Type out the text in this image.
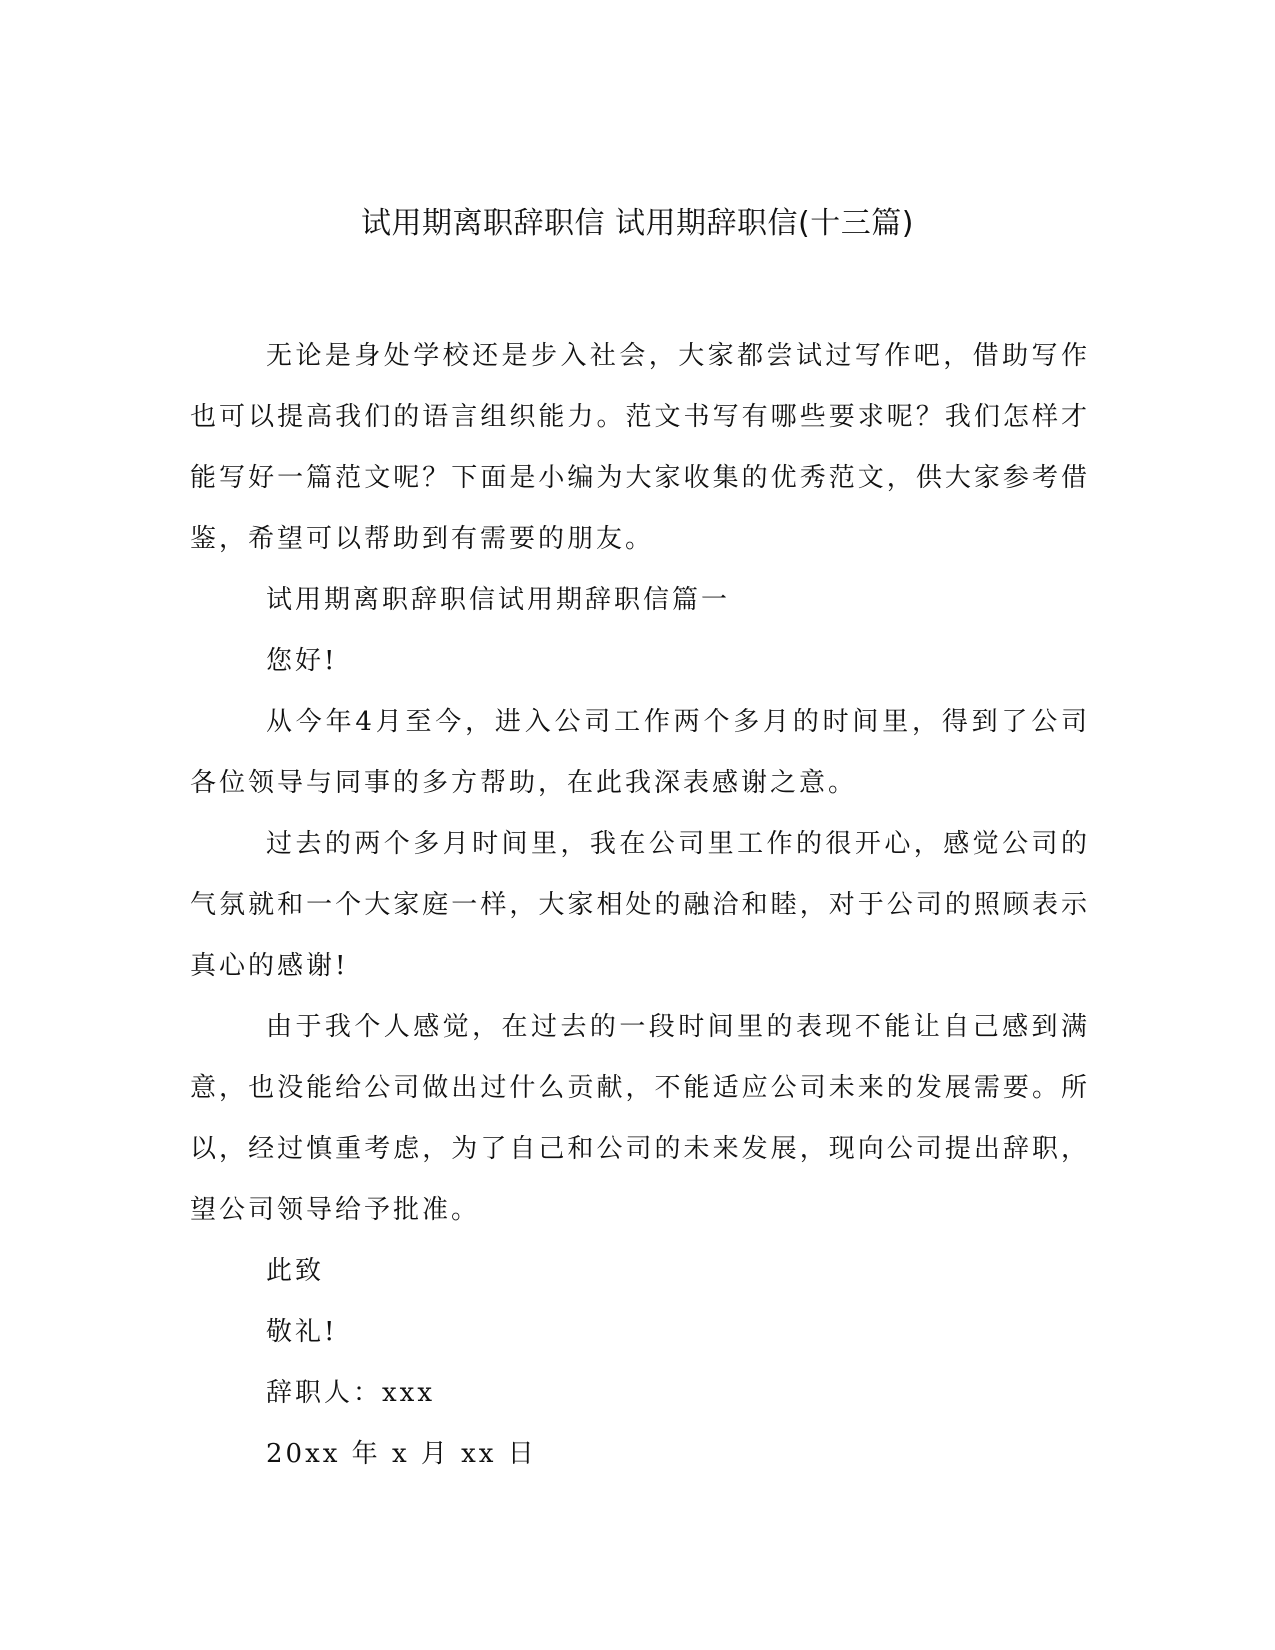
试用期离职辞职信 试用期辞职信(十三篇)

无论是身处学校还是步入社会，大家都尝试过写作吧，借助写作也可以提高我们的语言组织能力。范文书写有哪些要求呢？我们怎样才能写好一篇范文呢？下面是小编为大家收集的优秀范文，供大家参考借鉴，希望可以帮助到有需要的朋友。

试用期离职辞职信试用期辞职信篇一

您好!

从今年4月至今，进入公司工作两个多月的时间里，得到了公司各位领导与同事的多方帮助，在此我深表感谢之意。

过去的两个多月时间里，我在公司里工作的很开心，感觉公司的气氛就和一个大家庭一样，大家相处的融洽和睦，对于公司的照顾表示真心的感谢!

由于我个人感觉，在过去的一段时间里的表现不能让自己感到满意，也没能给公司做出过什么贡献，不能适应公司未来的发展需要。所以，经过慎重考虑，为了自己和公司的未来发展，现向公司提出辞职，望公司领导给予批准。

此致

敬礼!

辞职人：xxx

20xx 年 x 月 xx 日
